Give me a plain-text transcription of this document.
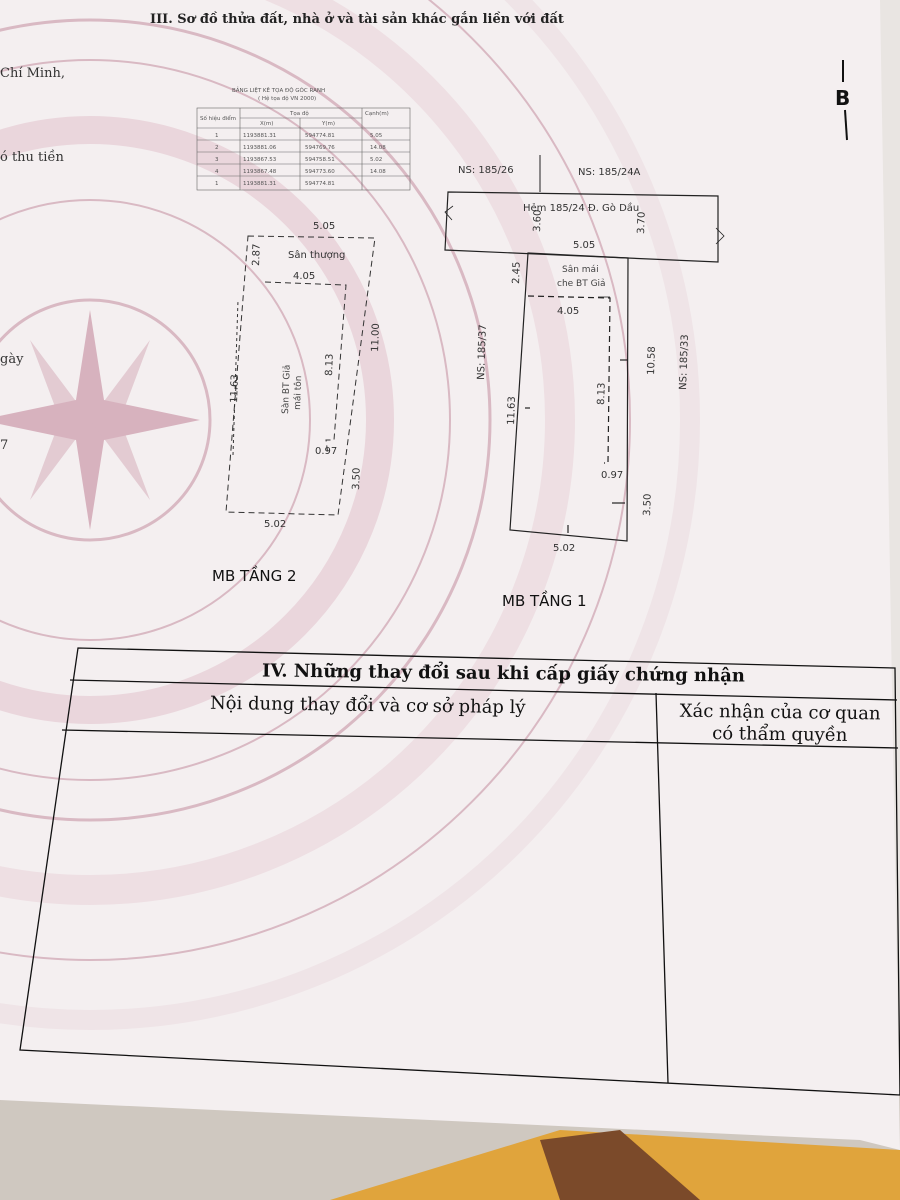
BẢNG LIỆT KÊ TỌA ĐỘ GÓC RANH
( Hệ tọa độ VN 2000)
Số hiệu điểm
Tọa độ
X(m)	Y(m)
Cạnh(m)
1	1193881.31	594774.81	5.05
2	1193881.06	594769.76	14.08
3	1193867.53	594758.51	5.02
4	1193867.48	594773.60	14.08
1	1193881.31	594774.81
5.05
2.87	Sân thượng
4.05
8.13
11.00
11.63	Sàn BT Giả mái tôn
0.97
3.50
5.02
NS: 185/26	NS: 185/24A
Hẻm 185/24 Đ. Gò Dầu
3.60	3.70
5.05
2.45	Sân mái
che BT Giả
4.05
8.13
10.58
11.63
NS: 185/37	NS: 185/33
0.97
3.50
5.02
III. Sơ đồ thửa đất, nhà ở và tài sản khác gắn liền với đất
Chí Minh,
ó thu tiền
gày
7
B
MB TẦNG 2
MB TẦNG 1
IV. Những thay đổi sau khi cấp giấy chứng nhận
Nội dung thay đổi và cơ sở pháp lý	Xác nhận của cơ quan
có thẩm quyền
